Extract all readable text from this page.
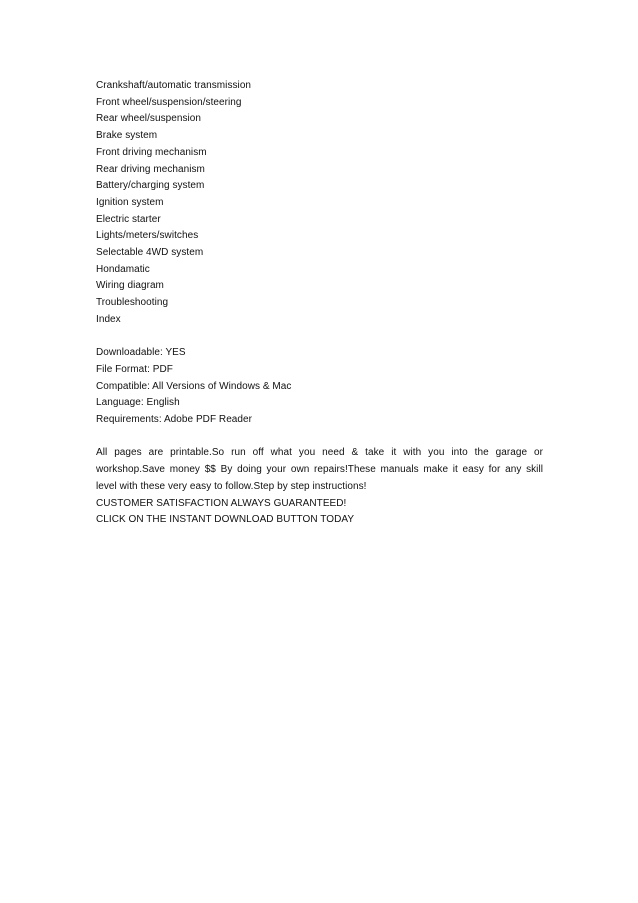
Crankshaft/automatic transmission
Front wheel/suspension/steering
Rear wheel/suspension
Brake system
Front driving mechanism
Rear driving mechanism
Battery/charging system
Ignition system
Electric starter
Lights/meters/switches
Selectable 4WD system
Hondamatic
Wiring diagram
Troubleshooting
Index
Downloadable: YES
File Format: PDF
Compatible: All Versions of Windows & Mac
Language: English
Requirements: Adobe PDF Reader
All pages are printable.So run off what you need & take it with you into the garage or
workshop.Save money $$ By doing your own repairs!These manuals make it easy for any skill
level with these very easy to follow.Step by step instructions!
CUSTOMER SATISFACTION ALWAYS GUARANTEED!
CLICK ON THE INSTANT DOWNLOAD BUTTON TODAY
